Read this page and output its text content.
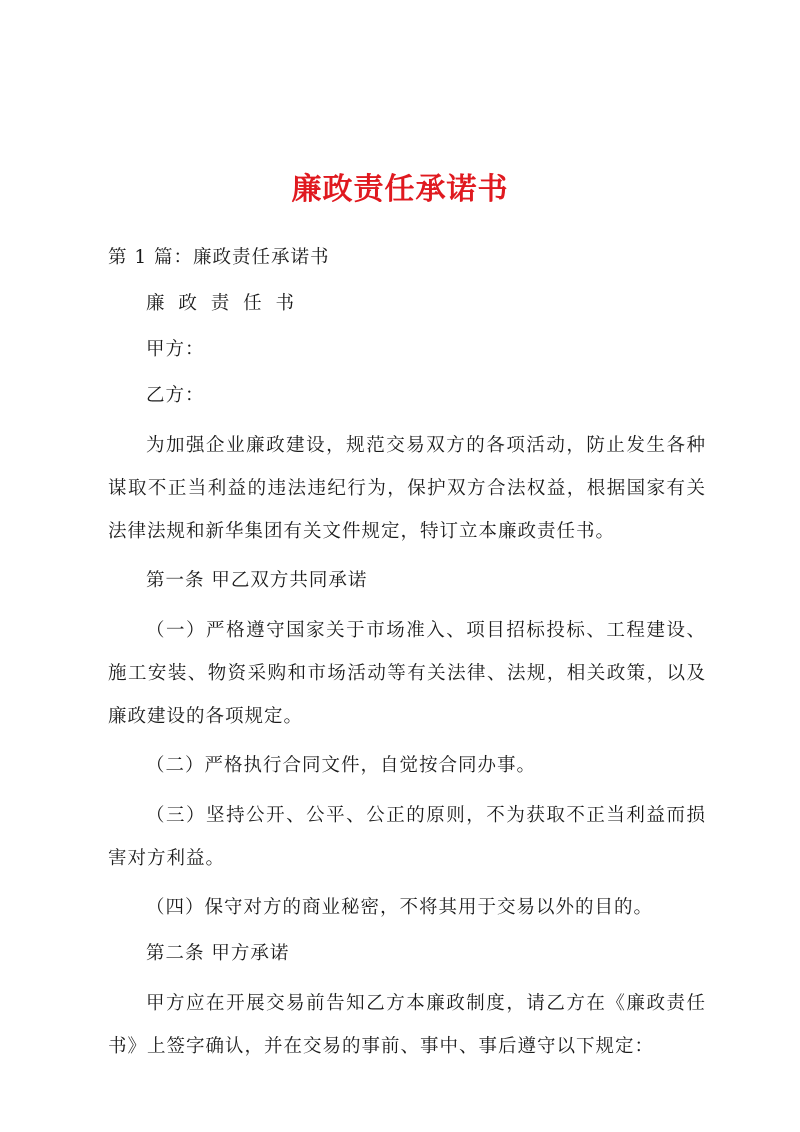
廉政责任承诺书

第 1 篇：廉政责任承诺书

廉 政 责 任 书

甲方：

乙方：

为加强企业廉政建设，规范交易双方的各项活动，防止发生各种谋取不正当利益的违法违纪行为，保护双方合法权益，根据国家有关法律法规和新华集团有关文件规定，特订立本廉政责任书。

第一条 甲乙双方共同承诺

（一）严格遵守国家关于市场准入、项目招标投标、工程建设、施工安装、物资采购和市场活动等有关法律、法规，相关政策，以及廉政建设的各项规定。

（二）严格执行合同文件，自觉按合同办事。

（三）坚持公开、公平、公正的原则，不为获取不正当利益而损害对方利益。

（四）保守对方的商业秘密，不将其用于交易以外的目的。

第二条 甲方承诺

甲方应在开展交易前告知乙方本廉政制度，请乙方在《廉政责任书》上签字确认，并在交易的事前、事中、事后遵守以下规定：
